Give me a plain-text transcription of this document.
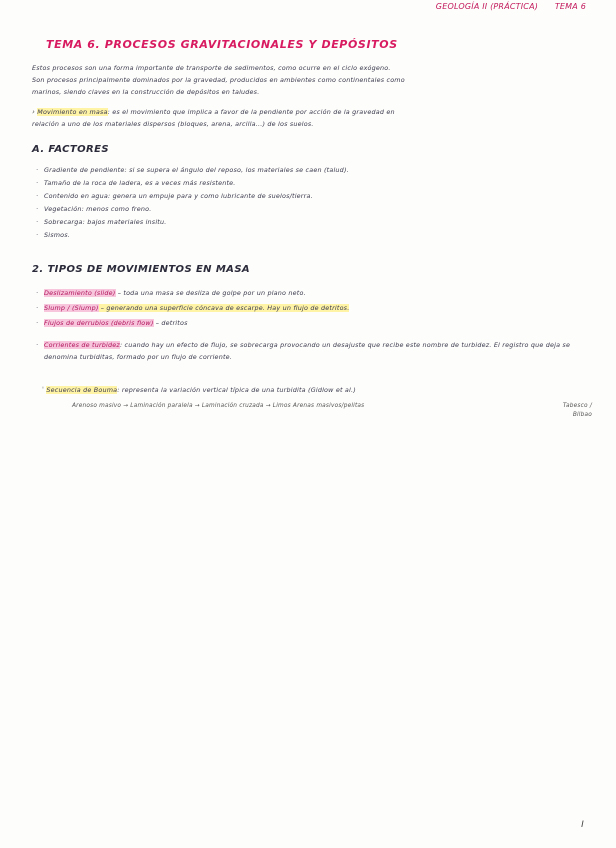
GEOLOGÍA II (PRÁCTICA) TEMA 6
TEMA 6. PROCESOS GRAVITACIONALES Y DEPÓSITOS
Estos procesos son una forma importante de transporte de sedimentos, como ocurre en el ciclo exógeno.
Son procesos principalmente dominados por la gravedad, producidos en ambientes como continentales como
marinos, siendo claves en la construcción de depósitos en taludes.
› Movimiento en masa: es el movimiento que implica a favor de la pendiente por acción de la gravedad en
relación a uno de los materiales dispersos (bloques, arena, arcilla...) de los suelos.
A. FACTORES
· Gradiente de pendiente: si se supera el ángulo del reposo, los materiales se caen (talud).
· Tamaño de la roca de ladera, es a veces más resistente.
· Contenido en agua: genera un empuje para y como lubricante de suelos/tierra.
· Vegetación: menos como freno.
· Sobrecarga: bajos materiales insitu.
· Sismos.
2. TIPOS DE MOVIMIENTOS EN MASA
· Deslizamiento (slide) – toda una masa se desliza de golpe por un plano neto.
· Slump / (Slump) – generando una superficie cóncava de escarpe. Hay un flujo de detritos.
· Flujos de derrubios (debris flow) – detritos
· Corrientes de turbidez: cuando hay un efecto de flujo, se sobrecarga provocando un desajuste que recibe este nombre de turbidez. El registro que deja se denomina turbiditas, formado por un flujo de corriente.
ˈ Secuencia de Bouma: representa la variación vertical típica de una turbidita (Gidlow et al.)
Arenoso masivo → Laminación paralela → Laminación cruzada → Limos Arenas masivos/pelitas	Tabesco / Bilbao
I
